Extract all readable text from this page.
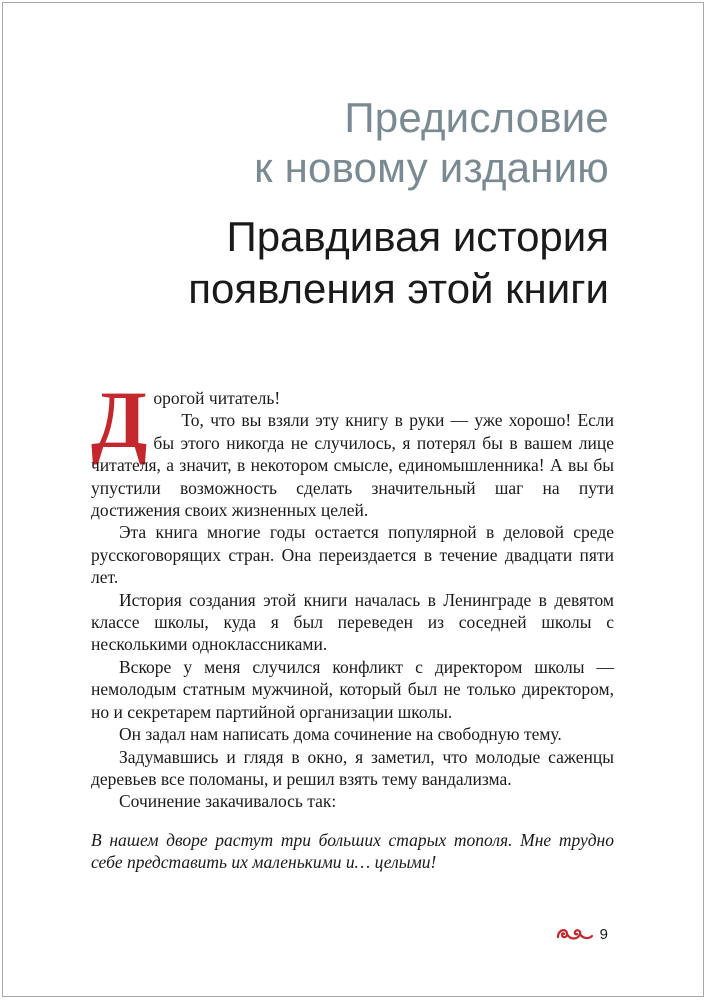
Предисловие
к новому изданию
Правдивая история
появления этой книги

Дорогой читатель!

То, что вы взяли эту книгу в руки — уже хорошо! Если бы этого никогда не случилось, я потерял бы в вашем лице читателя, а значит, в некотором смысле, единомышленника! А вы бы упустили возможность сделать значительный шаг на пути достижения своих жизненных целей.

Эта книга многие годы остается популярной в деловой среде русскоговорящих стран. Она переиздается в течение двадцати пяти лет.

История создания этой книги началась в Ленинграде в девятом классе школы, куда я был переведен из соседней школы с несколькими одноклассниками.

Вскоре у меня случился конфликт с директором школы — немолодым статным мужчиной, который был не только директором, но и секретарем партийной организации школы.

Он задал нам написать дома сочинение на свободную тему.

Задумавшись и глядя в окно, я заметил, что молодые саженцы деревьев все поломаны, и решил взять тему вандализма.

Сочинение закачивалось так:

В нашем дворе растут три больших старых тополя. Мне трудно себе представить их маленькими и… целыми!

9
